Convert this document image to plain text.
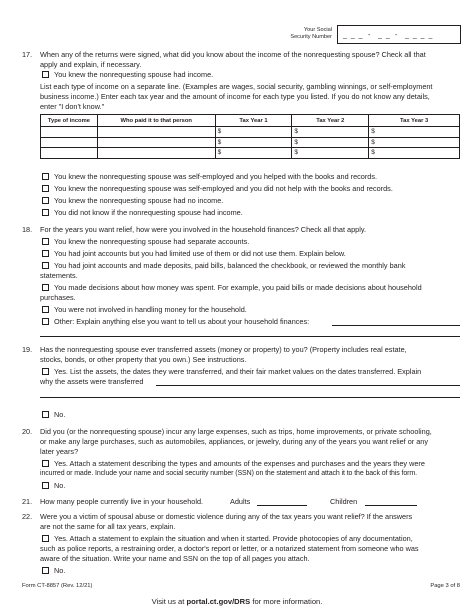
Your Social
Security Number _ _ _ - _ _ - _ _ _ _
17. When any of the returns were signed, what did you know about the income of the nonrequesting spouse? Check all that
apply and explain, if necessary.
You knew the nonrequesting spouse had income.
List each type of income on a separate line. (Examples are wages, social security, gambling winnings, or self-employment
business income.) Enter each tax year and the amount of income for each type you listed. If you do not know any details,
enter "I don't know."
Type of income	Who paid it to that person	Tax Year 1	Tax Year 2	Tax Year 3
		$	$	$
		$	$	$
		$	$	$
You knew the nonrequesting spouse was self-employed and you helped with the books and records.
You knew the nonrequesting spouse was self-employed and you did not help with the books and records.
You knew the nonrequesting spouse had no income.
You did not know if the nonrequesting spouse had income.
18. For the years you want relief, how were you involved in the household finances? Check all that apply.
You knew the nonrequesting spouse had separate accounts.
You had joint accounts but you had limited use of them or did not use them. Explain below.
You had joint accounts and made deposits, paid bills, balanced the checkbook, or reviewed the monthly bank
statements.
You made decisions about how money was spent. For example, you paid bills or made decisions about household
purchases.
You were not involved in handling money for the household.
Other: Explain anything else you want to tell us about your household finances:
19. Has the nonrequesting spouse ever transferred assets (money or property) to you? (Property includes real estate,
stocks, bonds, or other property that you own.) See instructions.
Yes. List the assets, the dates they were transferred, and their fair market values on the dates transferred. Explain
why the assets were transferred
No.
20. Did you (or the nonrequesting spouse) incur any large expenses, such as trips, home improvements, or private schooling,
or make any large purchases, such as automobiles, appliances, or jewelry, during any of the years you want relief or any
later years?
Yes. Attach a statement describing the types and amounts of the expenses and purchases and the years they were
incurred or made. Include your name and social security number (SSN) on the statement and attach it to the back of this form.
No.
21. How many people currently live in your household.	Adults	Children
22. Were you a victim of spousal abuse or domestic violence during any of the tax years you want relief? If the answers
are not the same for all tax years, explain.
Yes. Attach a statement to explain the situation and when it started. Provide photocopies of any documentation,
such as police reports, a restraining order, a doctor's report or letter, or a notarized statement from someone who was
aware of the situation. Write your name and SSN on the top of all pages you attach.
No.
Form CT-8857 (Rev. 12/21)	Page 3 of 8
Visit us at portal.ct.gov/DRS for more information.
